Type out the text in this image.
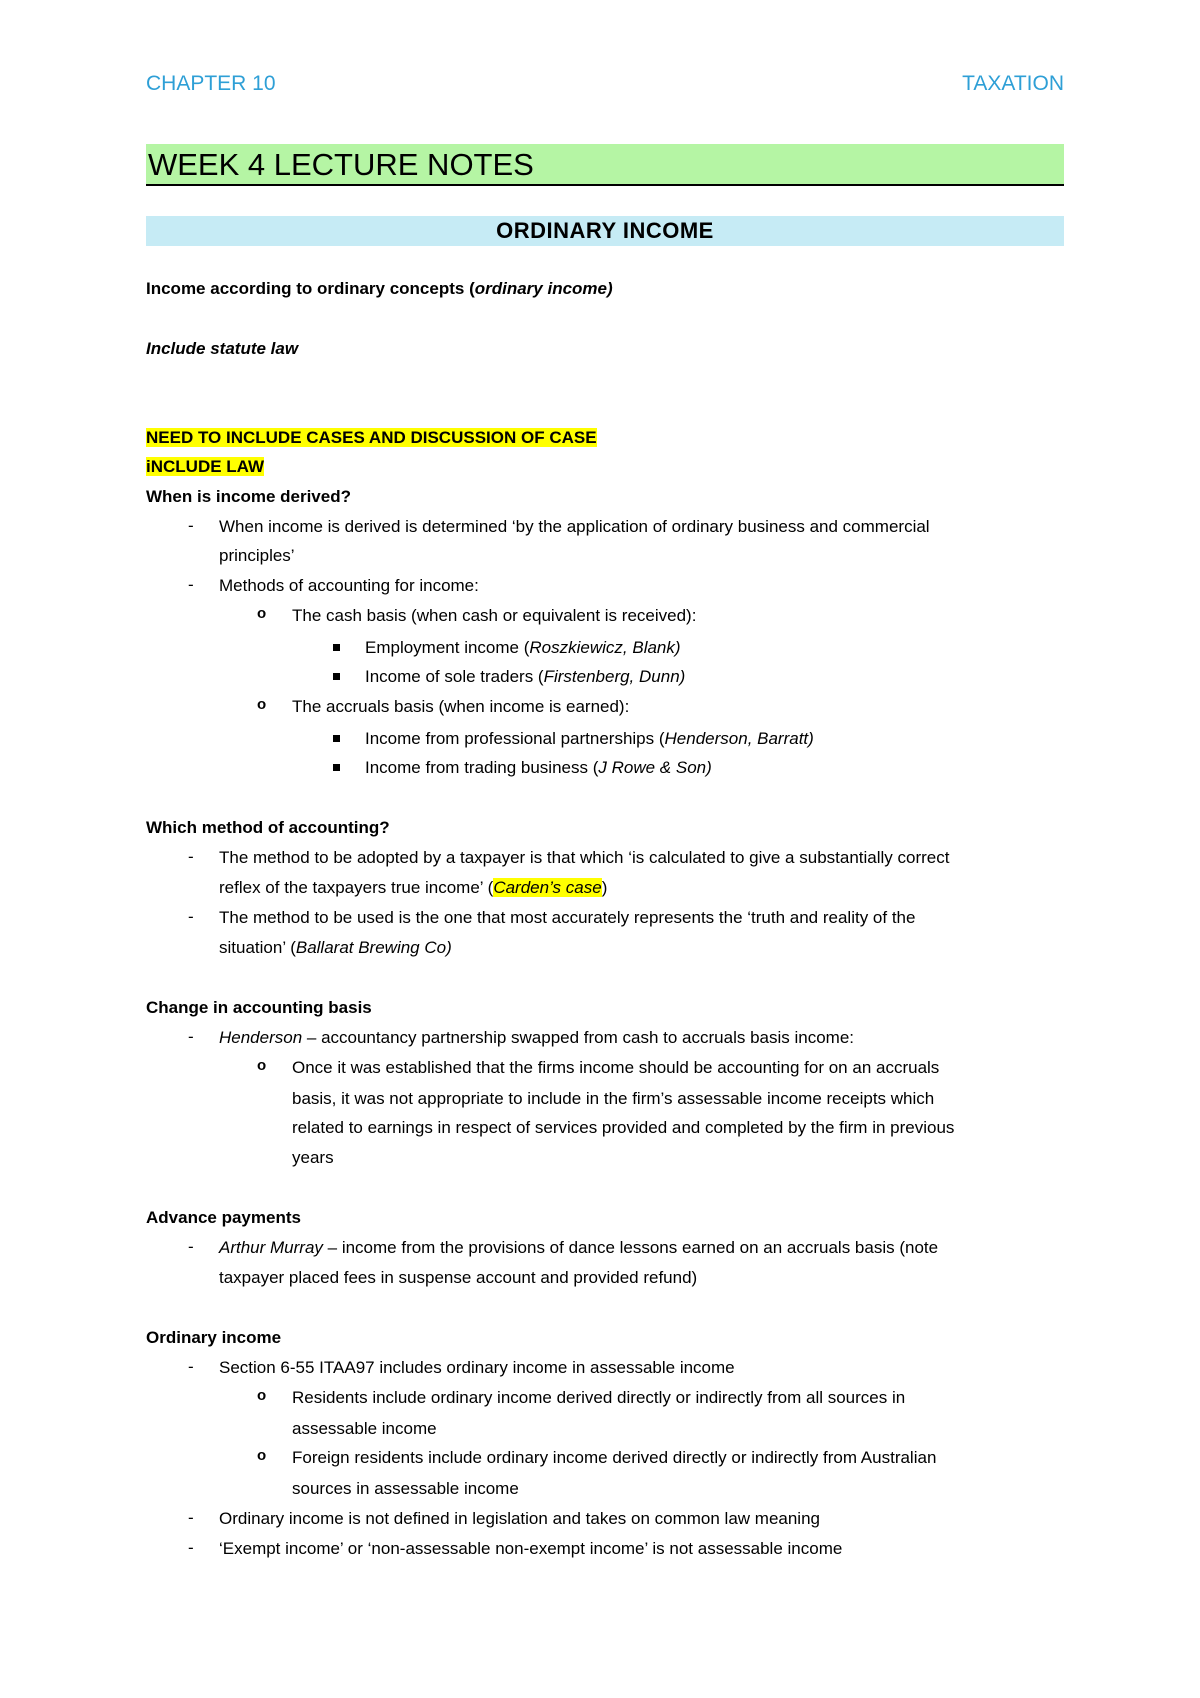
CHAPTER 10	TAXATION
WEEK 4 LECTURE NOTES
ORDINARY INCOME
Income according to ordinary concepts (ordinary income)
Include statute law
NEED TO INCLUDE CASES AND DISCUSSION OF CASE
iNCLUDE LAW
When is income derived?
- When income is derived is determined ‘by the application of ordinary business and commercial
principles’
- Methods of accounting for income:
o The cash basis (when cash or equivalent is received):
Employment income (Roszkiewicz, Blank)
Income of sole traders (Firstenberg, Dunn)
o The accruals basis (when income is earned):
Income from professional partnerships (Henderson, Barratt)
Income from trading business (J Rowe & Son)
Which method of accounting?
- The method to be adopted by a taxpayer is that which ‘is calculated to give a substantially correct
reflex of the taxpayers true income’ (Carden’s case)
- The method to be used is the one that most accurately represents the ‘truth and reality of the
situation’ (Ballarat Brewing Co)
Change in accounting basis
- Henderson – accountancy partnership swapped from cash to accruals basis income:
o Once it was established that the firms income should be accounting for on an accruals
basis, it was not appropriate to include in the firm’s assessable income receipts which
related to earnings in respect of services provided and completed by the firm in previous
years
Advance payments
- Arthur Murray – income from the provisions of dance lessons earned on an accruals basis (note
taxpayer placed fees in suspense account and provided refund)
Ordinary income
- Section 6-55 ITAA97 includes ordinary income in assessable income
o Residents include ordinary income derived directly or indirectly from all sources in
assessable income
o Foreign residents include ordinary income derived directly or indirectly from Australian
sources in assessable income
- Ordinary income is not defined in legislation and takes on common law meaning
- ‘Exempt income’ or ‘non-assessable non-exempt income’ is not assessable income
